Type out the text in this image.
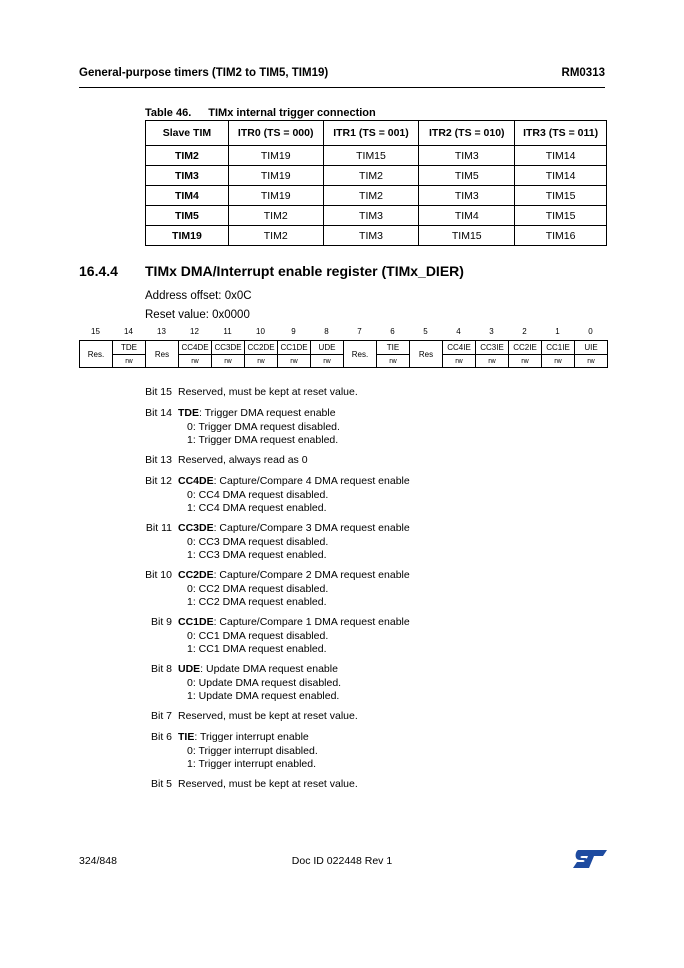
General-purpose timers (TIM2 to TIM5, TIM19)	RM0313
Table 46. TIMx internal trigger connection
Slave TIM	ITR0 (TS = 000)	ITR1 (TS = 001)	ITR2 (TS = 010)	ITR3 (TS = 011)
TIM2	TIM19	TIM15	TIM3	TIM14
TIM3	TIM19	TIM2	TIM5	TIM14
TIM4	TIM19	TIM2	TIM3	TIM15
TIM5	TIM2	TIM3	TIM4	TIM15
TIM19	TIM2	TIM3	TIM15	TIM16
16.4.4 TIMx DMA/Interrupt enable register (TIMx_DIER)
Address offset: 0x0C
Reset value: 0x0000
15	14	13	12	11	10	9	8	7	6	5	4	3	2	1	0
Res.	TDE	Res	CC4DE	CC3DE	CC2DE	CC1DE	UDE	Res.	TIE	Res	CC4IE	CC3IE	CC2IE	CC1IE	UIE
	rw		rw	rw	rw	rw	rw		rw		rw	rw	rw	rw	rw
Bit 15 Reserved, must be kept at reset value.
Bit 14 TDE: Trigger DMA request enable
0: Trigger DMA request disabled.
1: Trigger DMA request enabled.
Bit 13 Reserved, always read as 0
Bit 12 CC4DE: Capture/Compare 4 DMA request enable
0: CC4 DMA request disabled.
1: CC4 DMA request enabled.
Bit 11 CC3DE: Capture/Compare 3 DMA request enable
0: CC3 DMA request disabled.
1: CC3 DMA request enabled.
Bit 10 CC2DE: Capture/Compare 2 DMA request enable
0: CC2 DMA request disabled.
1: CC2 DMA request enabled.
Bit 9 CC1DE: Capture/Compare 1 DMA request enable
0: CC1 DMA request disabled.
1: CC1 DMA request enabled.
Bit 8 UDE: Update DMA request enable
0: Update DMA request disabled.
1: Update DMA request enabled.
Bit 7 Reserved, must be kept at reset value.
Bit 6 TIE: Trigger interrupt enable
0: Trigger interrupt disabled.
1: Trigger interrupt enabled.
Bit 5 Reserved, must be kept at reset value.
324/848	Doc ID 022448 Rev 1
